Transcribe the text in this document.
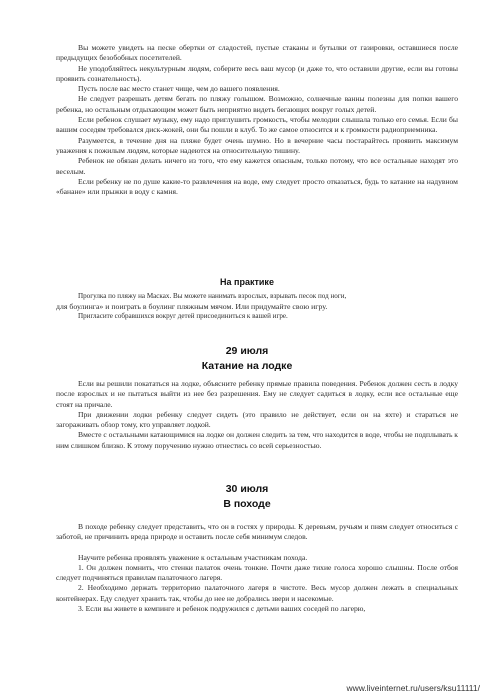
Вы можете увидеть на песке обертки от сладостей, пустые стаканы и бутылки от газировки, оставшиеся после предыдущих безобобных посетителей.

Не уподобляйтесь некультурным людям, соберите весь ваш мусор (и даже то, что оставили другие, если вы готовы проявить сознательность).

Пусть после вас место станет чище, чем до вашего появления.

Не следует разрешать детям бегать по пляжу голышом. Возможно, солнечные ванны полезны для попки вашего ребенка, но остальным отдыхающим может быть неприятно видеть бегающих вокруг голых детей.

Если ребенок слушает музыку, ему надо приглушить громкость, чтобы мелодии слышала только его семья. Если бы вашим соседям требовался диск-жокей, они бы пошли в клуб. То же самое относится и к громкости радиоприемника.

Разумеется, в течение дня на пляже будет очень шумно. Но в вечерние часы постарайтесь проявить максимум уважения к пожилым людям, которые надеются на относительную тишину.

Ребенок не обязан делать ничего из того, что ему кажется опасным, только потому, что все остальные находят это веселым.

Если ребенку не по душе какие-то развлечения на воде, ему следует просто отказаться, будь то катание на надувном «банане» или прыжки в воду с камня.

На практике

Прогулка по пляжу на Масках. Вы можете нанимать взрослых, взрывать песок под ноги,

для боулинга» и поиграть в боулинг пляжным мячом. Или придумайте свою игру.

Пригласите собравшихся вокруг детей присоединиться к вашей игре.

29 июля
Катание на лодке

Если вы решили покататься на лодке, объясните ребенку прямые правила поведения. Ребенок должен сесть в лодку после взрослых и не пытаться выйти из нее без разрешения. Ему не следует садиться в лодку, если все остальные еще стоят на причале.

При движении лодки ребенку следует сидеть (это правило не действует, если он на яхте) и стараться не загораживать обзор тому, кто управляет лодкой.

Вместе с остальными катающимися на лодке он должен следить за тем, что находится в воде, чтобы не подплывать к ним слишком близко. К этому поручению нужно отнестись со всей серьезностью.

30 июля
В походе

В походе ребенку следует представить, что он в гостях у природы. К деревьям, ручьям и пням следует относиться с заботой, не причинить вреда природе и оставить после себя минимум следов.

Научите ребенка проявлять уважение к остальным участникам похода.

1. Он должен помнить, что стенки палаток очень тонкие. Почти даже тихие голоса хорошо слышны. После отбоя следует подчиняться правилам палаточного лагеря.

2. Необходимо держать территорию палаточного лагеря в чистоте. Весь мусор должен лежать в специальных контейнерах. Еду следует хранить так, чтобы до нее не добрались звери и насекомые.

3. Если вы живете в кемпинге и ребенок подружился с детьми ваших соседей по лагерю,

www.liveinternet.ru/users/ksu11111/
